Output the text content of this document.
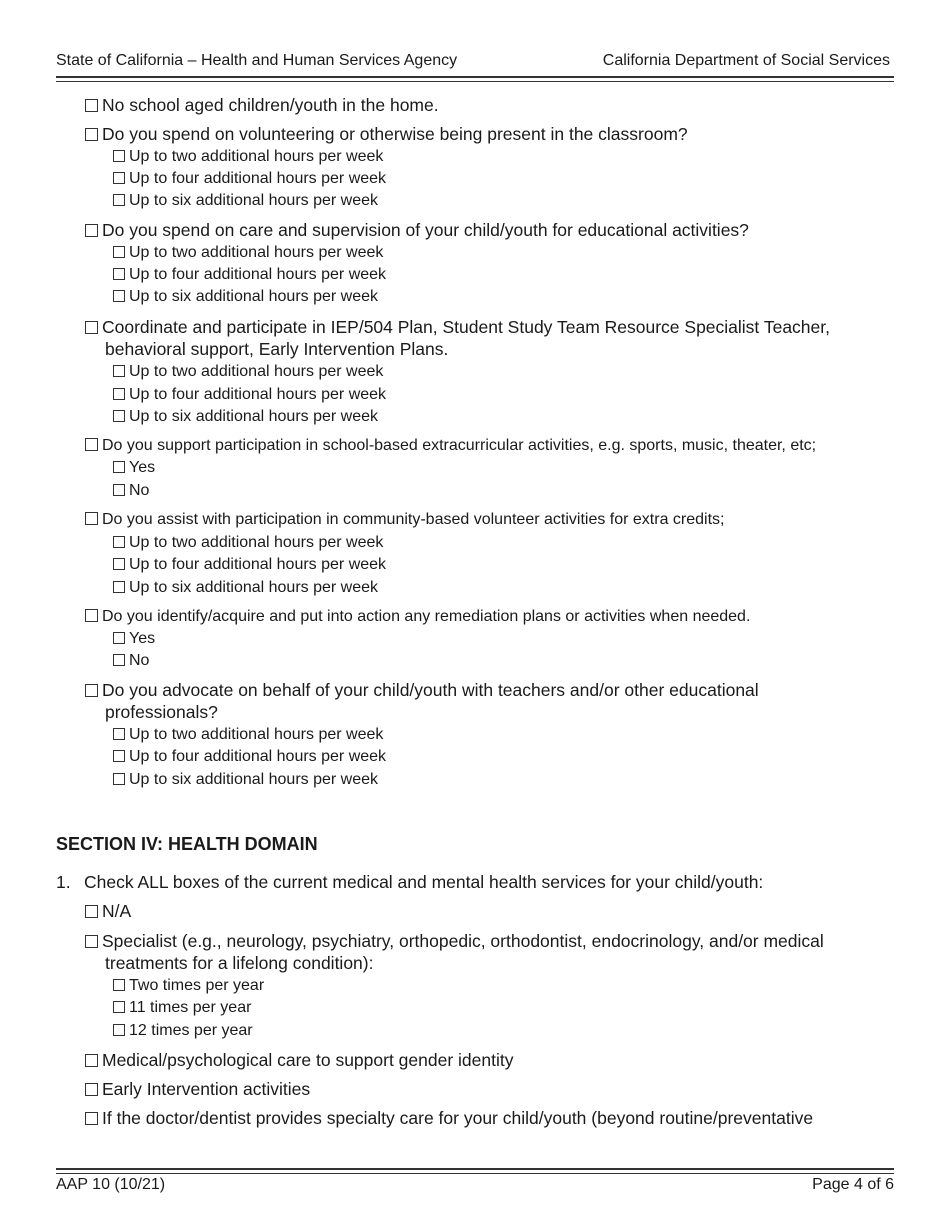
State of California – Health and Human Services Agency	California Department of Social Services
No school aged children/youth in the home.
Do you spend on volunteering or otherwise being present in the classroom?
Up to two additional hours per week
Up to four additional hours per week
Up to six additional hours per week
Do you spend on care and supervision of your child/youth for educational activities?
Up to two additional hours per week
Up to four additional hours per week
Up to six additional hours per week
Coordinate and participate in IEP/504 Plan, Student Study Team Resource Specialist Teacher,
behavioral support, Early Intervention Plans.
Up to two additional hours per week
Up to four additional hours per week
Up to six additional hours per week
Do you support participation in school-based extracurricular activities, e.g. sports, music, theater, etc;
Yes
No
Do you assist with participation in community-based volunteer activities for extra credits;
Up to two additional hours per week
Up to four additional hours per week
Up to six additional hours per week
Do you identify/acquire and put into action any remediation plans or activities when needed.
Yes
No
Do you advocate on behalf of your child/youth with teachers and/or other educational
professionals?
Up to two additional hours per week
Up to four additional hours per week
Up to six additional hours per week
SECTION IV: HEALTH DOMAIN
1. Check ALL boxes of the current medical and mental health services for your child/youth:
N/A
Specialist (e.g., neurology, psychiatry, orthopedic, orthodontist, endocrinology, and/or medical
treatments for a lifelong condition):
Two times per year
11 times per year
12 times per year
Medical/psychological care to support gender identity
Early Intervention activities
If the doctor/dentist provides specialty care for your child/youth (beyond routine/preventative
AAP 10 (10/21)	Page 4 of 6
